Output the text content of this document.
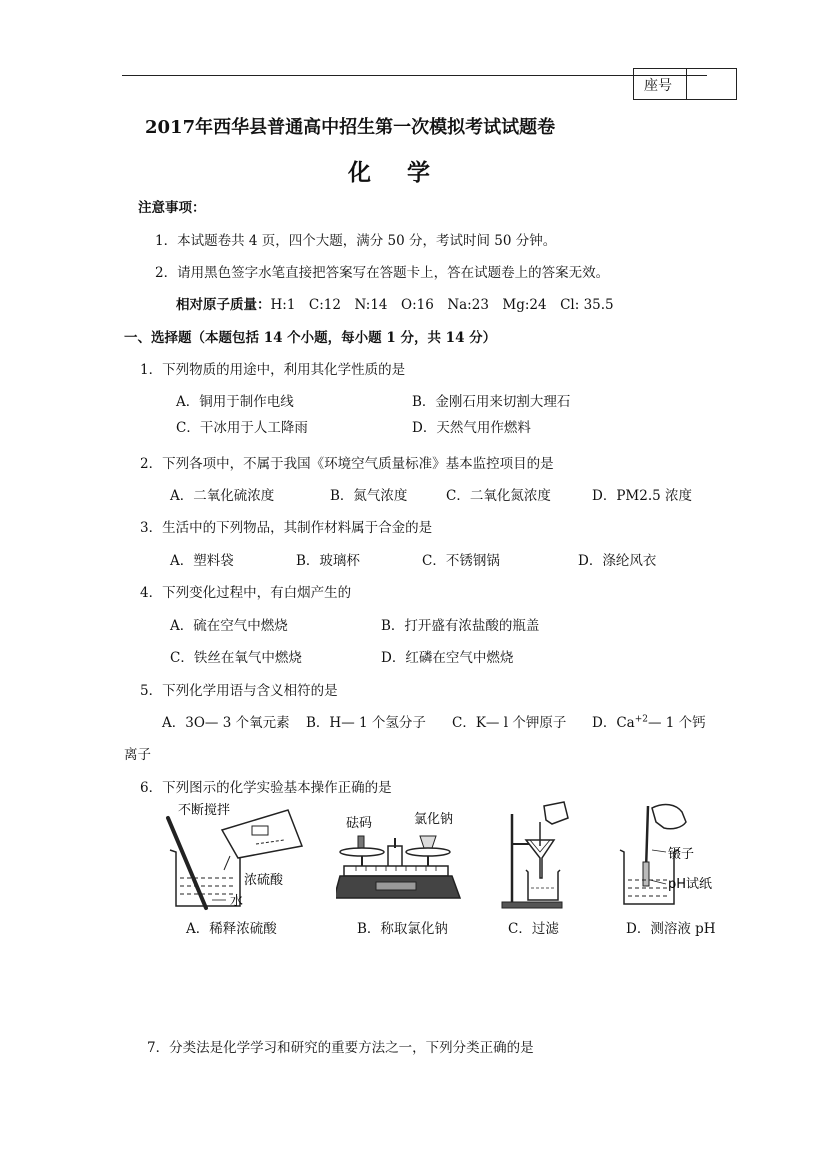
座号
2017年西华县普通高中招生第一次模拟考试试题卷
化学
注意事项：
1．本试题卷共 4 页，四个大题，满分 50 分，考试时间 50 分钟。
2．请用黑色签字水笔直接把答案写在答题卡上，答在试题卷上的答案无效。
相对原子质量：H:1　C:12　N:14　O:16　Na:23　Mg:24　Cl: 35.5
一、选择题（本题包括 14 个小题，每小题 1 分，共 14 分）
1．下列物质的用途中，利用其化学性质的是
A．铜用于制作电线	B．金刚石用来切割大理石
C．干冰用于人工降雨	D．天然气用作燃料
2．下列各项中，不属于我国《环境空气质量标准》基本监控项目的是
A．二氧化硫浓度	B．氮气浓度	C．二氧化氮浓度	D．PM2.5 浓度
3．生活中的下列物品，其制作材料属于合金的是
A．塑料袋	B．玻璃杯	C．不锈钢锅	D．涤纶风衣
4．下列变化过程中，有白烟产生的
A．硫在空气中燃烧	B．打开盛有浓盐酸的瓶盖
C．铁丝在氧气中燃烧	D．红磷在空气中燃烧
5．下列化学用语与含义相符的是
A．3O— 3 个氧元素 B．H— 1 个氢分子 C．K— l 个钾原子 D．$Ca^{+2}—$ 1 个钙
离子
6．下列图示的化学实验基本操作正确的是
不断搅拌
浓硫酸
水
砝码	氯化钠
镊子
pH试纸
A．稀释浓硫酸	B．称取氯化钠	C．过滤	D．测溶液 pH
7．分类法是化学学习和研究的重要方法之一，下列分类正确的是
